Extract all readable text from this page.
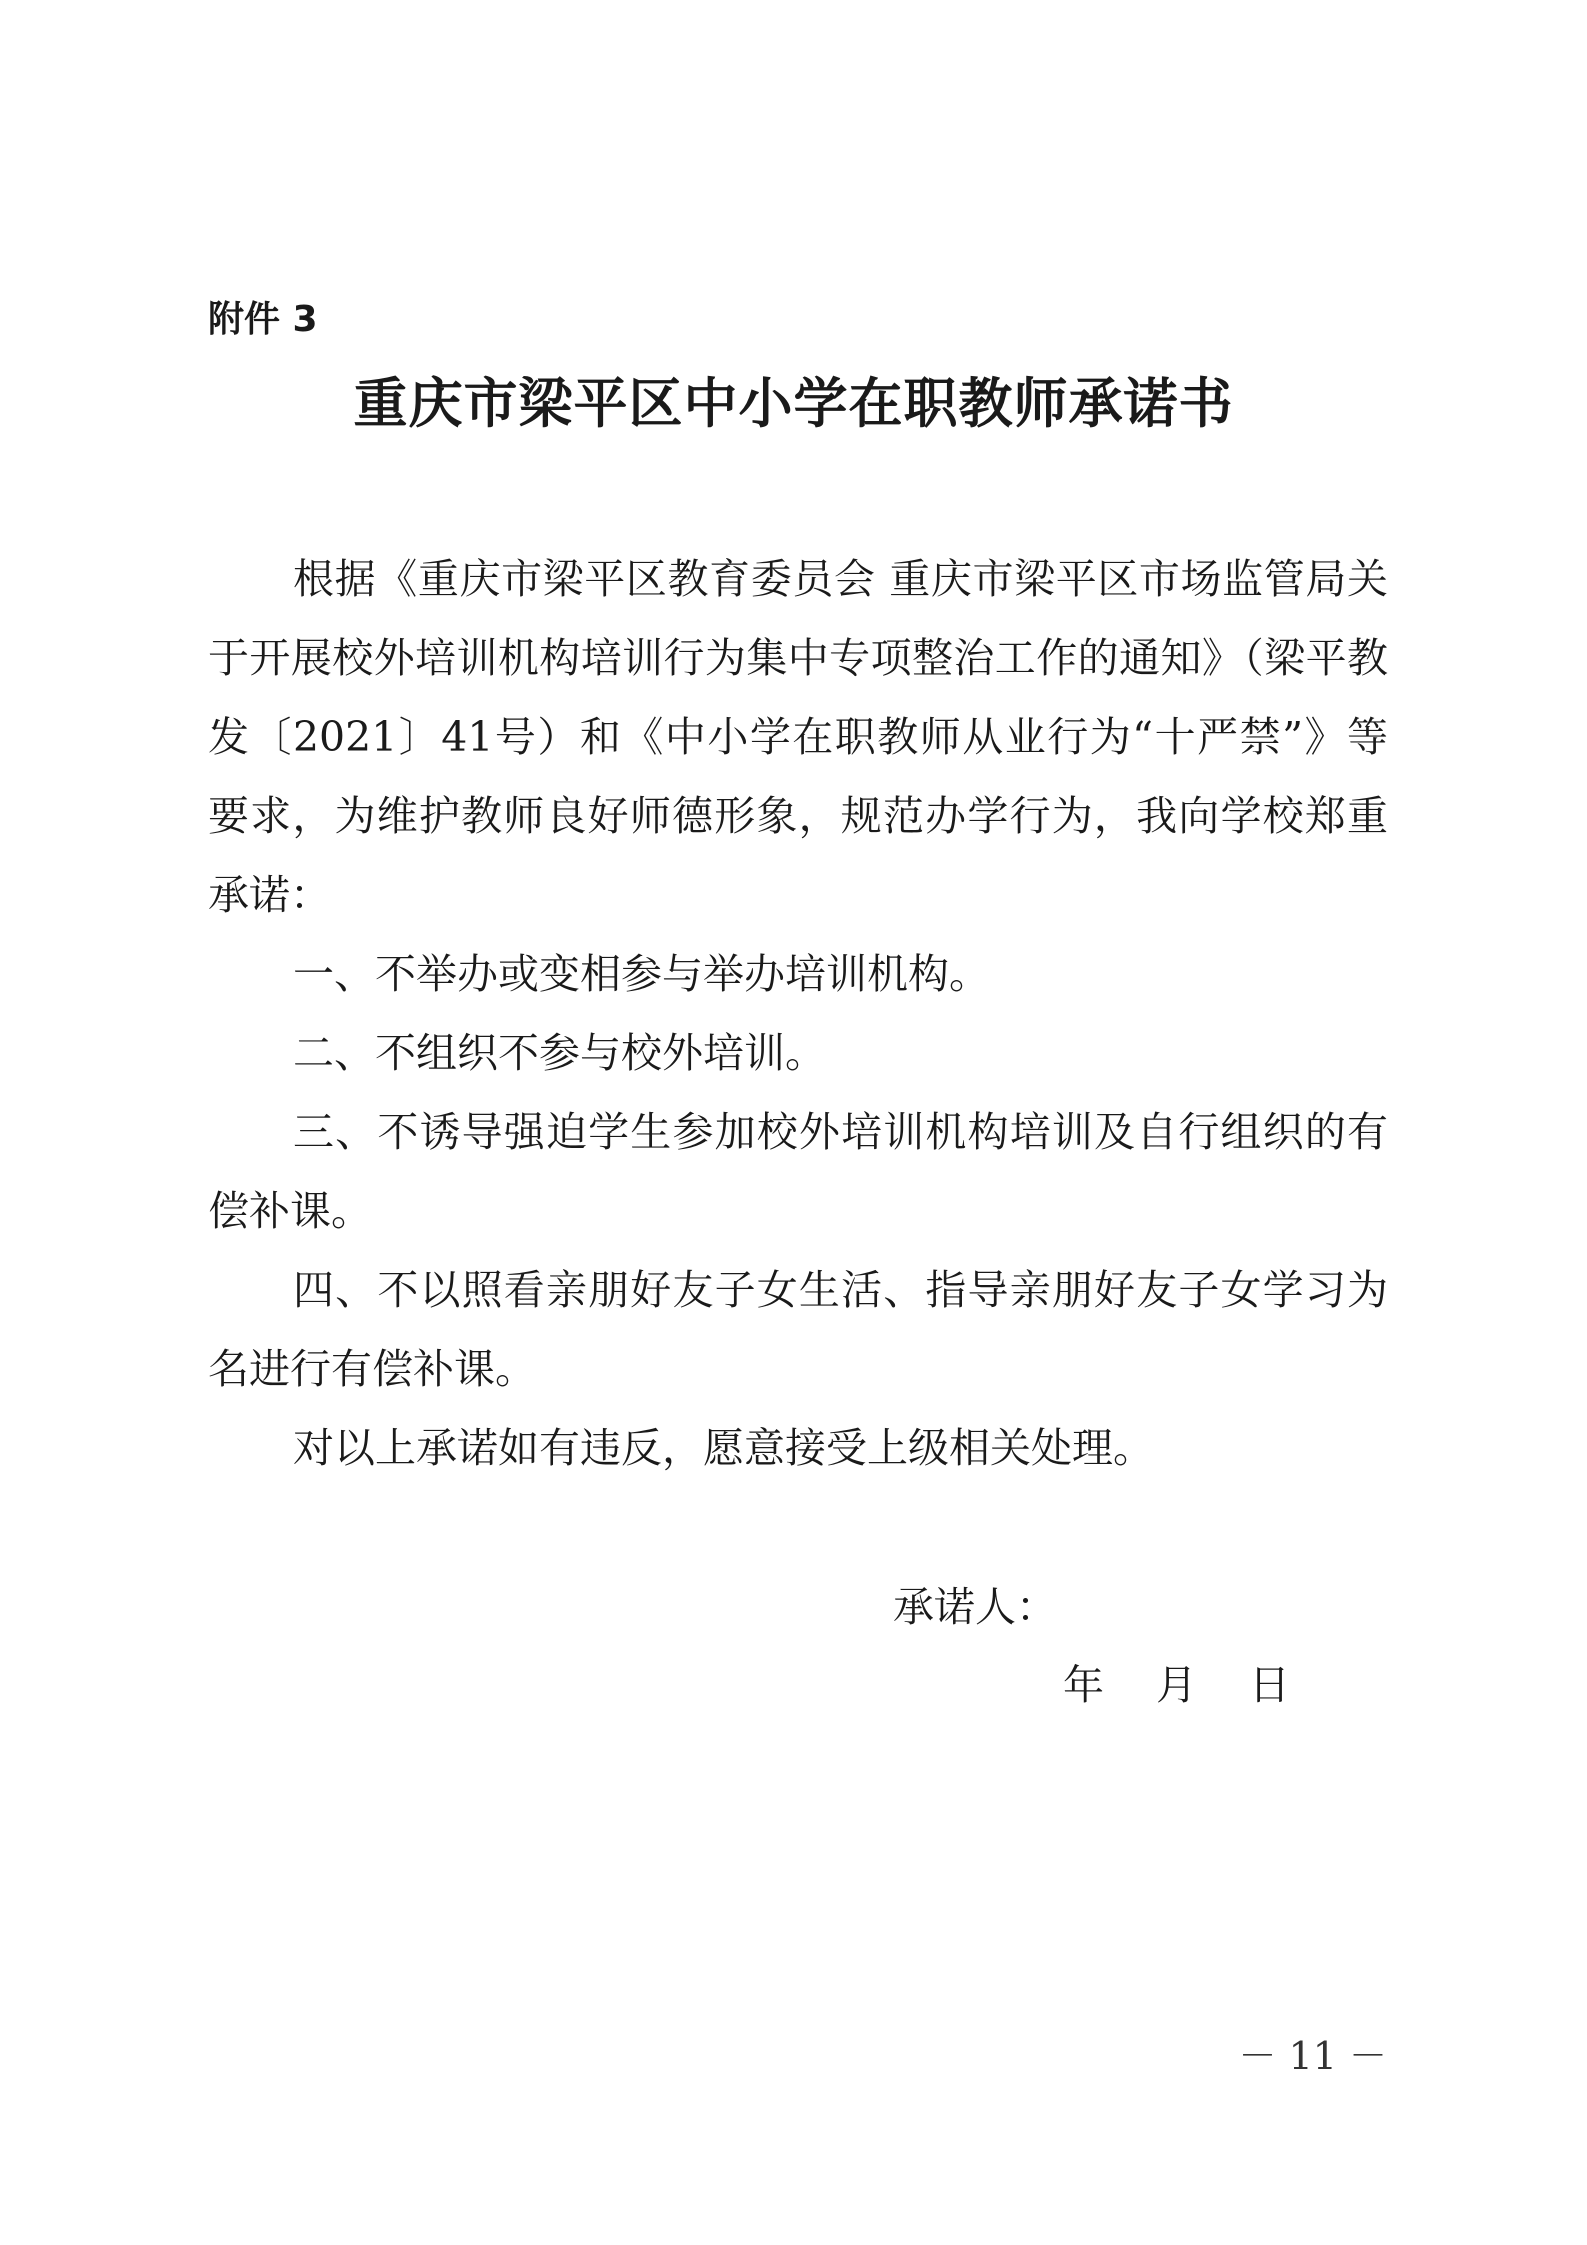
附件 3
重庆市梁平区中小学在职教师承诺书

根据《重庆市梁平区教育委员会 重庆市梁平区市场监管局关于开展校外培训机构培训行为集中专项整治工作的通知》（梁平教发〔2021〕41号）和《中小学在职教师从业行为“十严禁”》等要求，为维护教师良好师德形象，规范办学行为，我向学校郑重承诺：

一、不举办或变相参与举办培训机构。

二、不组织不参与校外培训。

三、不诱导强迫学生参加校外培训机构培训及自行组织的有偿补课。

四、不以照看亲朋好友子女生活、指导亲朋好友子女学习为名进行有偿补课。

对以上承诺如有违反，愿意接受上级相关处理。

承诺人：
年 月 日
－ 11 －
